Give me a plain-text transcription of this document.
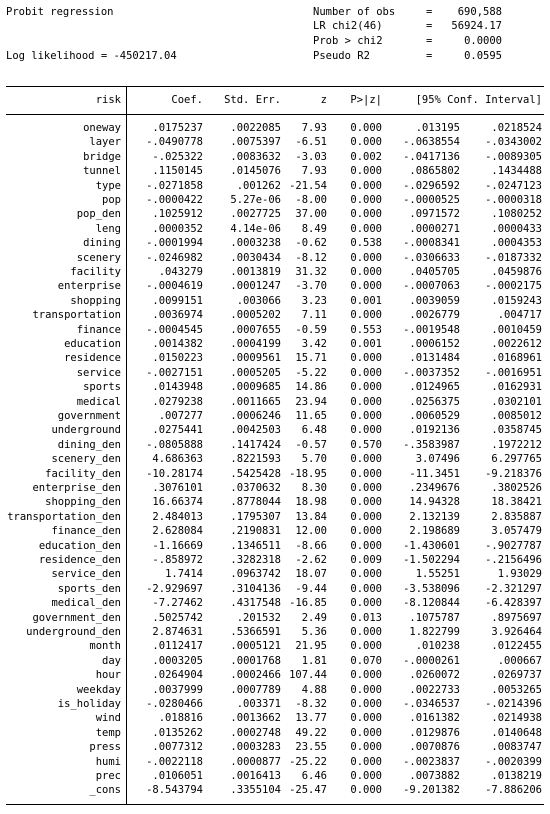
Probit regression
Log likelihood = -450217.04
Number of obs	=	690,588
LR chi2(46)	=	56924.17
Prob > chi2	=	0.0000
Pseudo R2	=	0.0595
risk	Coef.	Std. Err.	z	P>|z|	[95% Conf. Interval]
oneway	.0175237	.0022085	7.93	0.000	.013195	.0218524
layer	-.0490778	.0075397	-6.51	0.000	-.0638554	-.0343002
bridge	-.025322	.0083632	-3.03	0.002	-.0417136	-.0089305
tunnel	.1150145	.0145076	7.93	0.000	.0865802	.1434488
type	-.0271858	.001262 -21.54	0.000	-.0296592	-.0247123
pop	-.0000422	5.27e-06	-8.00	0.000	-.0000525	-.0000318
pop_den	.1025912	.0027725	37.00	0.000	.0971572	.1080252
leng	.0000352	4.14e-06	8.49	0.000	.0000271	.0000433
dining	-.0001994	.0003238	-0.62	0.538	-.0008341	.0004353
scenery	-.0246982	.0030434	-8.12	0.000	-.0306633	-.0187332
facility	.043279	.0013819	31.32	0.000	.0405705	.0459876
enterprise	-.0004619	.0001247	-3.70	0.000	-.0007063	-.0002175
shopping	.0099151	.003066	3.23	0.001	.0039059	.0159243
transportation	.0036974	.0005202	7.11	0.000	.0026779	.004717
finance	-.0004545	.0007655	-0.59	0.553	-.0019548	.0010459
education	.0014382	.0004199	3.42	0.001	.0006152	.0022612
residence	.0150223	.0009561	15.71	0.000	.0131484	.0168961
service	-.0027151	.0005205	-5.22	0.000	-.0037352	-.0016951
sports	.0143948	.0009685	14.86	0.000	.0124965	.0162931
medical	.0279238	.0011665	23.94	0.000	.0256375	.0302101
government	.007277	.0006246	11.65	0.000	.0060529	.0085012
underground	.0275441	.0042503	6.48	0.000	.0192136	.0358745
dining_den	-.0805888	.1417424	-0.57	0.570	-.3583987	.1972212
scenery_den	4.686363	.8221593	5.70	0.000	3.07496	6.297765
facility_den	-10.28174	.5425428 -18.95	0.000	-11.3451	-9.218376
enterprise_den	.3076101	.0370632	8.30	0.000	.2349676	.3802526
shopping_den	16.66374	.8778044	18.98	0.000	14.94328	18.38421
transportation_den	2.484013	.1795307	13.84	0.000	2.132139	2.835887
finance_den	2.628084	.2190831	12.00	0.000	2.198689	3.057479
education_den	-1.16669	.1346511	-8.66	0.000	-1.430601	-.9027787
residence_den	-.858972	.3282318	-2.62	0.009	-1.502294	-.2156496
service_den	1.7414	.0963742	18.07	0.000	1.55251	1.93029
sports_den	-2.929697	.3104136	-9.44	0.000	-3.538096	-2.321297
medical_den	-7.27462	.4317548 -16.85	0.000	-8.120844	-6.428397
government_den	.5025742	.201532	2.49	0.013	.1075787	.8975697
underground_den	2.874631	.5366591	5.36	0.000	1.822799	3.926464
month	.0112417	.0005121	21.95	0.000	.010238	.0122455
day	.0003205	.0001768	1.81	0.070	-.0000261	.000667
hour	.0264904	.0002466 107.44	0.000	.0260072	.0269737
weekday	.0037999	.0007789	4.88	0.000	.0022733	.0053265
is_holiday	-.0280466	.003371	-8.32	0.000	-.0346537	-.0214396
wind	.018816	.0013662	13.77	0.000	.0161382	.0214938
temp	.0135262	.0002748	49.22	0.000	.0129876	.0140648
press	.0077312	.0003283	23.55	0.000	.0070876	.0083747
humi	-.0022118	.0000877 -25.22	0.000	-.0023837	-.0020399
prec	.0106051	.0016413	6.46	0.000	.0073882	.0138219
_cons	-8.543794	.3355104 -25.47	0.000	-9.201382	-7.886206
